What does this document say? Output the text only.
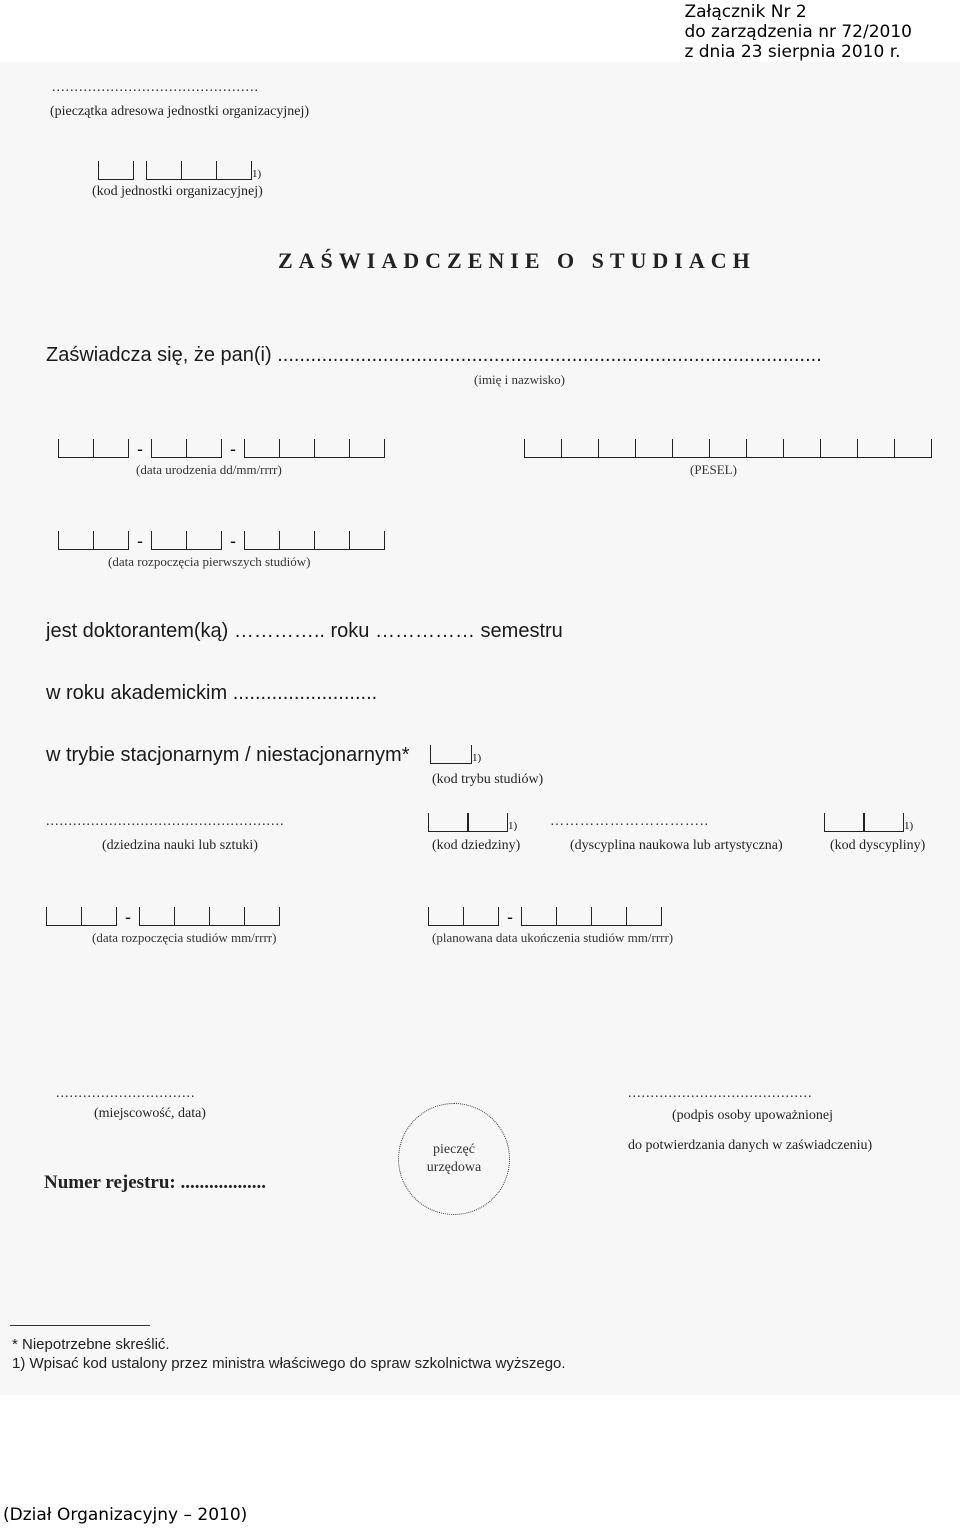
Załącznik Nr 2
do zarządzenia nr 72/2010
z dnia 23 sierpnia 2010 r.
..............................................
(pieczątka adresowa jednostki organizacyjnej)
1)
(kod jednostki organizacyjnej)
ZAŚWIADCZENIE O STUDIACH
Zaświadcza się, że pan(i) ..................................................................................................
(imię i nazwisko)
-	-
(data urodzenia dd/mm/rrrr)	(PESEL)
-	-
(data rozpoczęcia pierwszych studiów)
jest doktorantem(ką) ………….. roku …………… semestru
w roku akademickim ..........................
w trybie stacjonarnym / niestacjonarnym*	1)
(kod trybu studiów)
.....................................................
(dziedzina nauki lub sztuki)
1)
(kod dziedziny)
…………………………..
(dyscyplina naukowa lub artystyczna)
1)
(kod dyscypliny)
-
(data rozpoczęcia studiów mm/rrrr)
-
(planowana data ukończenia studiów mm/rrrr)
...............................
(miejscowość, data)
.........................................
(podpis osoby upoważnionej
do potwierdzania danych w zaświadczeniu)
pieczęć urzędowa
Numer rejestru: ..................
* Niepotrzebne skreślić.
1) Wpisać kod ustalony przez ministra właściwego do spraw szkolnictwa wyższego.
(Dział Organizacyjny – 2010)
